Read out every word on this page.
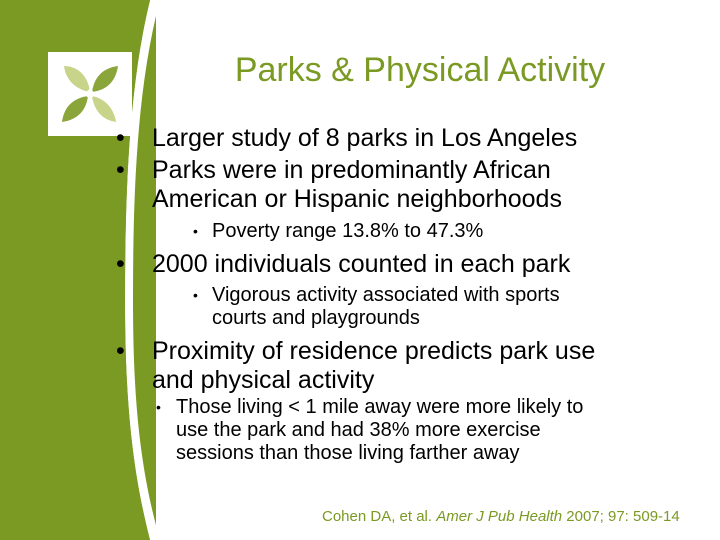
Parks & Physical Activity
• Larger study of 8 parks in Los Angeles
• Parks were in predominantly African
American or Hispanic neighborhoods
• Poverty range 13.8% to 47.3%
• 2000 individuals counted in each park
• Vigorous activity associated with sports
courts and playgrounds
• Proximity of residence predicts park use
and physical activity
• Those living < 1 mile away were more likely to
use the park and had 38% more exercise
sessions than those living farther away
Cohen DA, et al. Amer J Pub Health 2007; 97: 509-14
